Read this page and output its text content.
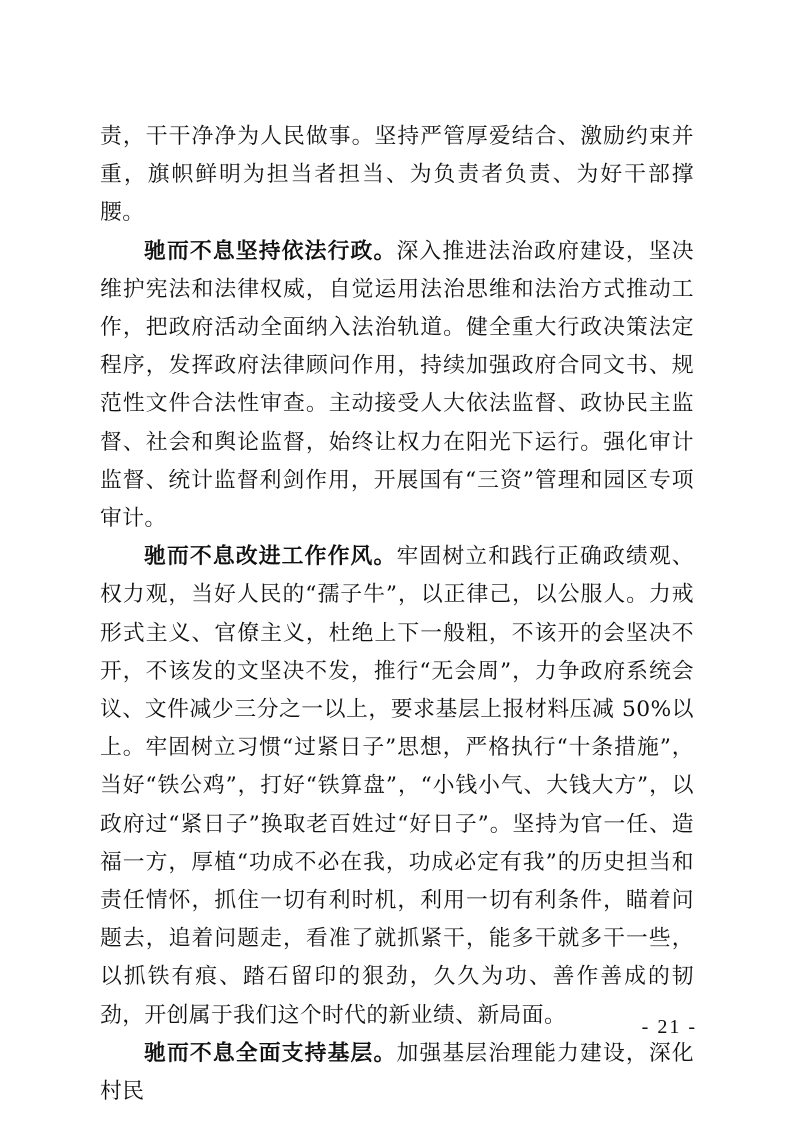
责，干干净净为人民做事。坚持严管厚爱结合、激励约束并重，旗帜鲜明为担当者担当、为负责者负责、为好干部撑腰。

驰而不息坚持依法行政。深入推进法治政府建设，坚决维护宪法和法律权威，自觉运用法治思维和法治方式推动工作，把政府活动全面纳入法治轨道。健全重大行政决策法定程序，发挥政府法律顾问作用，持续加强政府合同文书、规范性文件合法性审查。主动接受人大依法监督、政协民主监督、社会和舆论监督，始终让权力在阳光下运行。强化审计监督、统计监督利剑作用，开展国有“三资”管理和园区专项审计。

驰而不息改进工作作风。牢固树立和践行正确政绩观、权力观，当好人民的“孺子牛”，以正律己，以公服人。力戒形式主义、官僚主义，杜绝上下一般粗，不该开的会坚决不开，不该发的文坚决不发，推行“无会周”，力争政府系统会议、文件减少三分之一以上，要求基层上报材料压减 50%以上。牢固树立习惯“过紧日子”思想，严格执行“十条措施”，当好“铁公鸡”，打好“铁算盘”，“小钱小气、大钱大方”，以政府过“紧日子”换取老百姓过“好日子”。坚持为官一任、造福一方，厚植“功成不必在我，功成必定有我”的历史担当和责任情怀，抓住一切有利时机，利用一切有利条件，瞄着问题去，追着问题走，看准了就抓紧干，能多干就多干一些，以抓铁有痕、踏石留印的狠劲，久久为功、善作善成的韧劲，开创属于我们这个时代的新业绩、新局面。

驰而不息全面支持基层。加强基层治理能力建设，深化村民

- 21 -
